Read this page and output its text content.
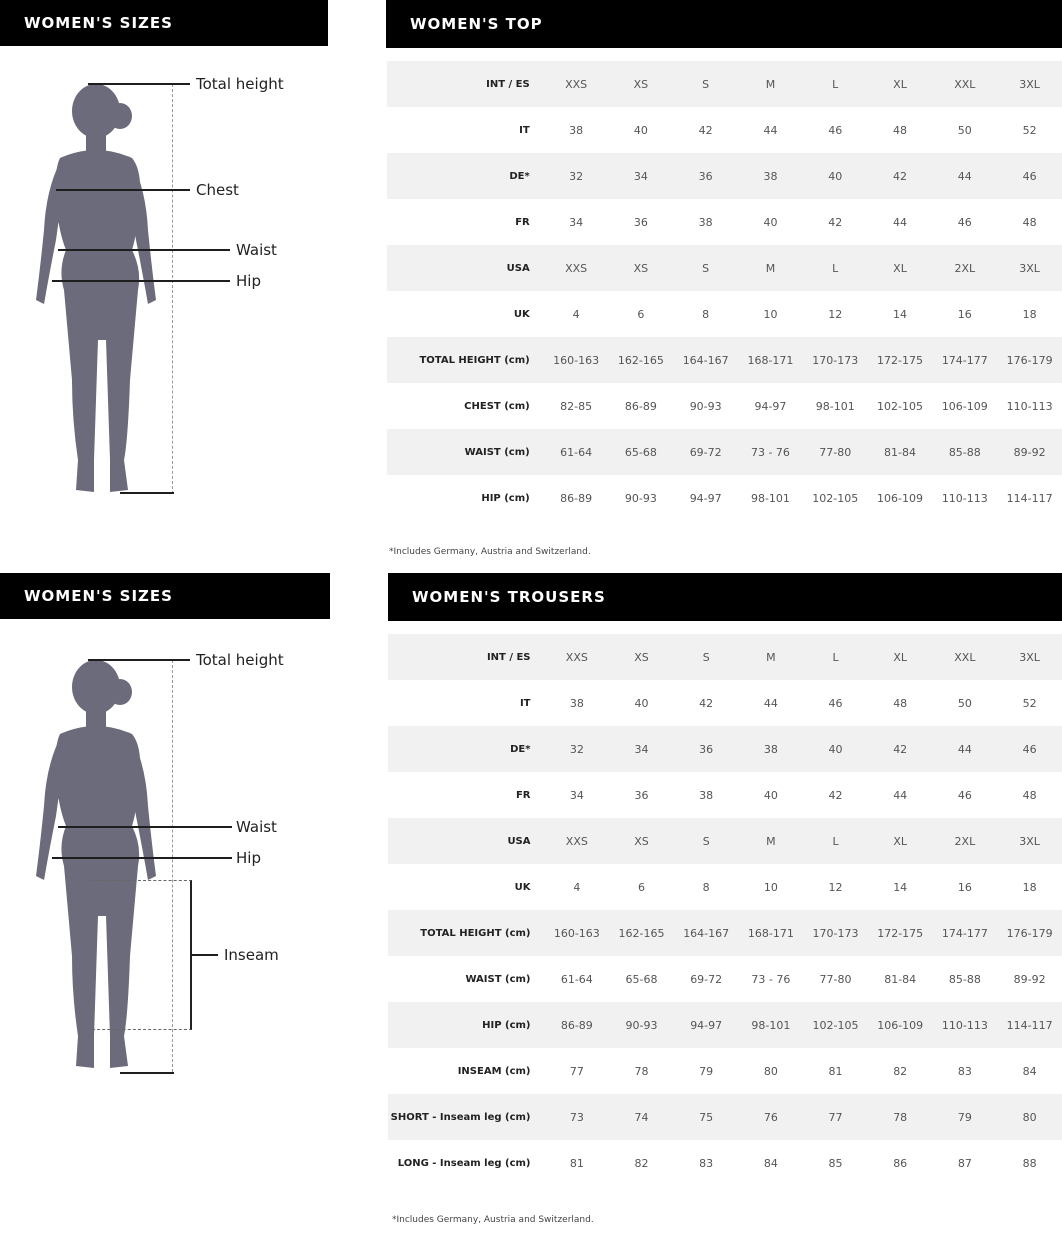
WOMEN'S SIZES	WOMEN'S TOP
Total height
Chest
Waist
Hip
INT / ES	XXS	XS	S	M	L	XL	XXL	3XL
IT	38	40	42	44	46	48	50	52
DE*	32	34	36	38	40	42	44	46
FR	34	36	38	40	42	44	46	48
USA	XXS	XS	S	M	L	XL	2XL	3XL
UK	4	6	8	10	12	14	16	18
TOTAL HEIGHT (cm)	160-163	162-165	164-167	168-171	170-173	172-175	174-177	176-179
CHEST (cm)	82-85	86-89	90-93	94-97	98-101	102-105	106-109	110-113
WAIST (cm)	61-64	65-68	69-72	73 - 76	77-80	81-84	85-88	89-92
HIP (cm)	86-89	90-93	94-97	98-101	102-105	106-109	110-113	114-117
*Includes Germany, Austria and Switzerland.
WOMEN'S SIZES	WOMEN'S TROUSERS
Total height
Waist
Hip
Inseam
INT / ES	XXS	XS	S	M	L	XL	XXL	3XL
IT	38	40	42	44	46	48	50	52
DE*	32	34	36	38	40	42	44	46
FR	34	36	38	40	42	44	46	48
USA	XXS	XS	S	M	L	XL	2XL	3XL
UK	4	6	8	10	12	14	16	18
TOTAL HEIGHT (cm)	160-163	162-165	164-167	168-171	170-173	172-175	174-177	176-179
WAIST (cm)	61-64	65-68	69-72	73 - 76	77-80	81-84	85-88	89-92
HIP (cm)	86-89	90-93	94-97	98-101	102-105	106-109	110-113	114-117
INSEAM (cm)	77	78	79	80	81	82	83	84
SHORT - Inseam leg (cm)	73	74	75	76	77	78	79	80
LONG - Inseam leg (cm)	81	82	83	84	85	86	87	88
*Includes Germany, Austria and Switzerland.
